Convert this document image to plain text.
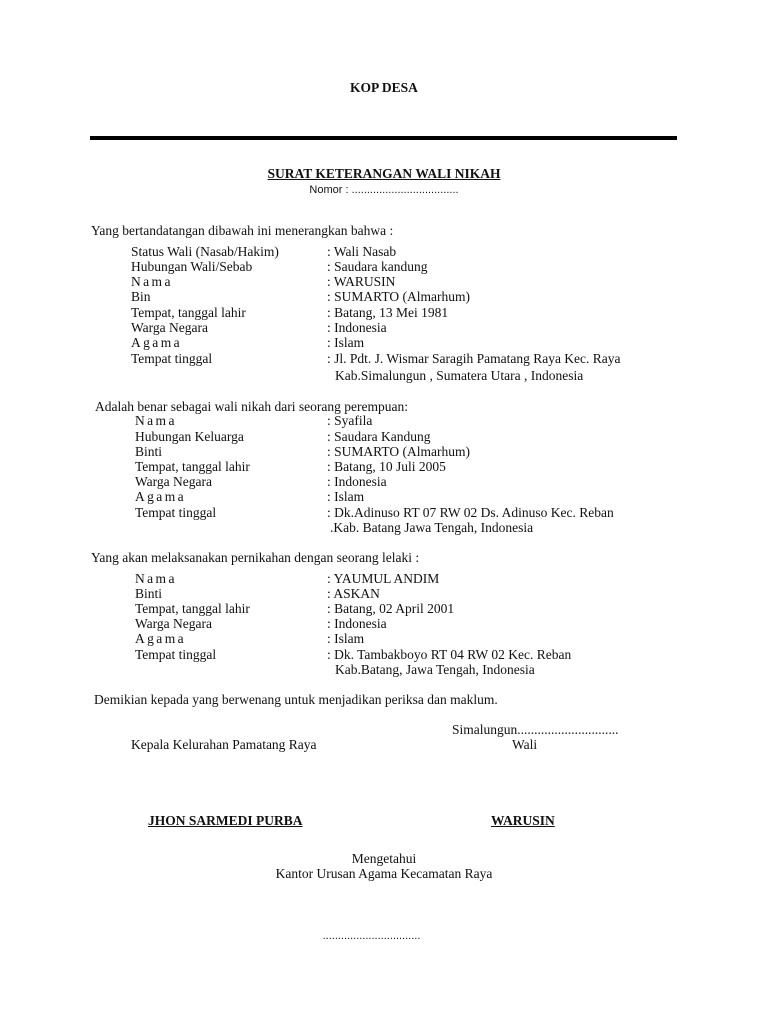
KOP DESA
SURAT KETERANGAN WALI NIKAH
Nomor : ...................................
Yang bertandatangan dibawah ini menerangkan bahwa :
Status Wali (Nasab/Hakim)	: Wali Nasab
Hubungan Wali/Sebab	: Saudara kandung
Nama	: WARUSIN
Bin	: SUMARTO (Almarhum)
Tempat, tanggal lahir	: Batang, 13 Mei 1981
Warga Negara	: Indonesia
Agama	: Islam
Tempat tinggal	: Jl. Pdt. J. Wismar Saragih Pamatang Raya Kec. Raya
Kab.Simalungun , Sumatera Utara , Indonesia
Adalah benar sebagai wali nikah dari seorang perempuan:
Nama	: Syafila
Hubungan Keluarga	: Saudara Kandung
Binti	: SUMARTO (Almarhum)
Tempat, tanggal lahir	: Batang, 10 Juli 2005
Warga Negara	: Indonesia
Agama	: Islam
Tempat tinggal	: Dk.Adinuso RT 07 RW 02 Ds. Adinuso Kec. Reban
.Kab. Batang Jawa Tengah, Indonesia
Yang akan melaksanakan pernikahan dengan seorang lelaki :
Nama	: YAUMUL ANDIM
Binti	: ASKAN
Tempat, tanggal lahir	: Batang, 02 April 2001
Warga Negara	: Indonesia
Agama	: Islam
Tempat tinggal	: Dk. Tambakboyo RT 04 RW 02 Kec. Reban
Kab.Batang, Jawa Tengah, Indonesia
Demikian kepada yang berwenang untuk menjadikan periksa dan maklum.
Simalungun..............................
Kepala Kelurahan Pamatang Raya	Wali
JHON SARMEDI PURBA	WARUSIN
Mengetahui
Kantor Urusan Agama Kecamatan Raya
................................
